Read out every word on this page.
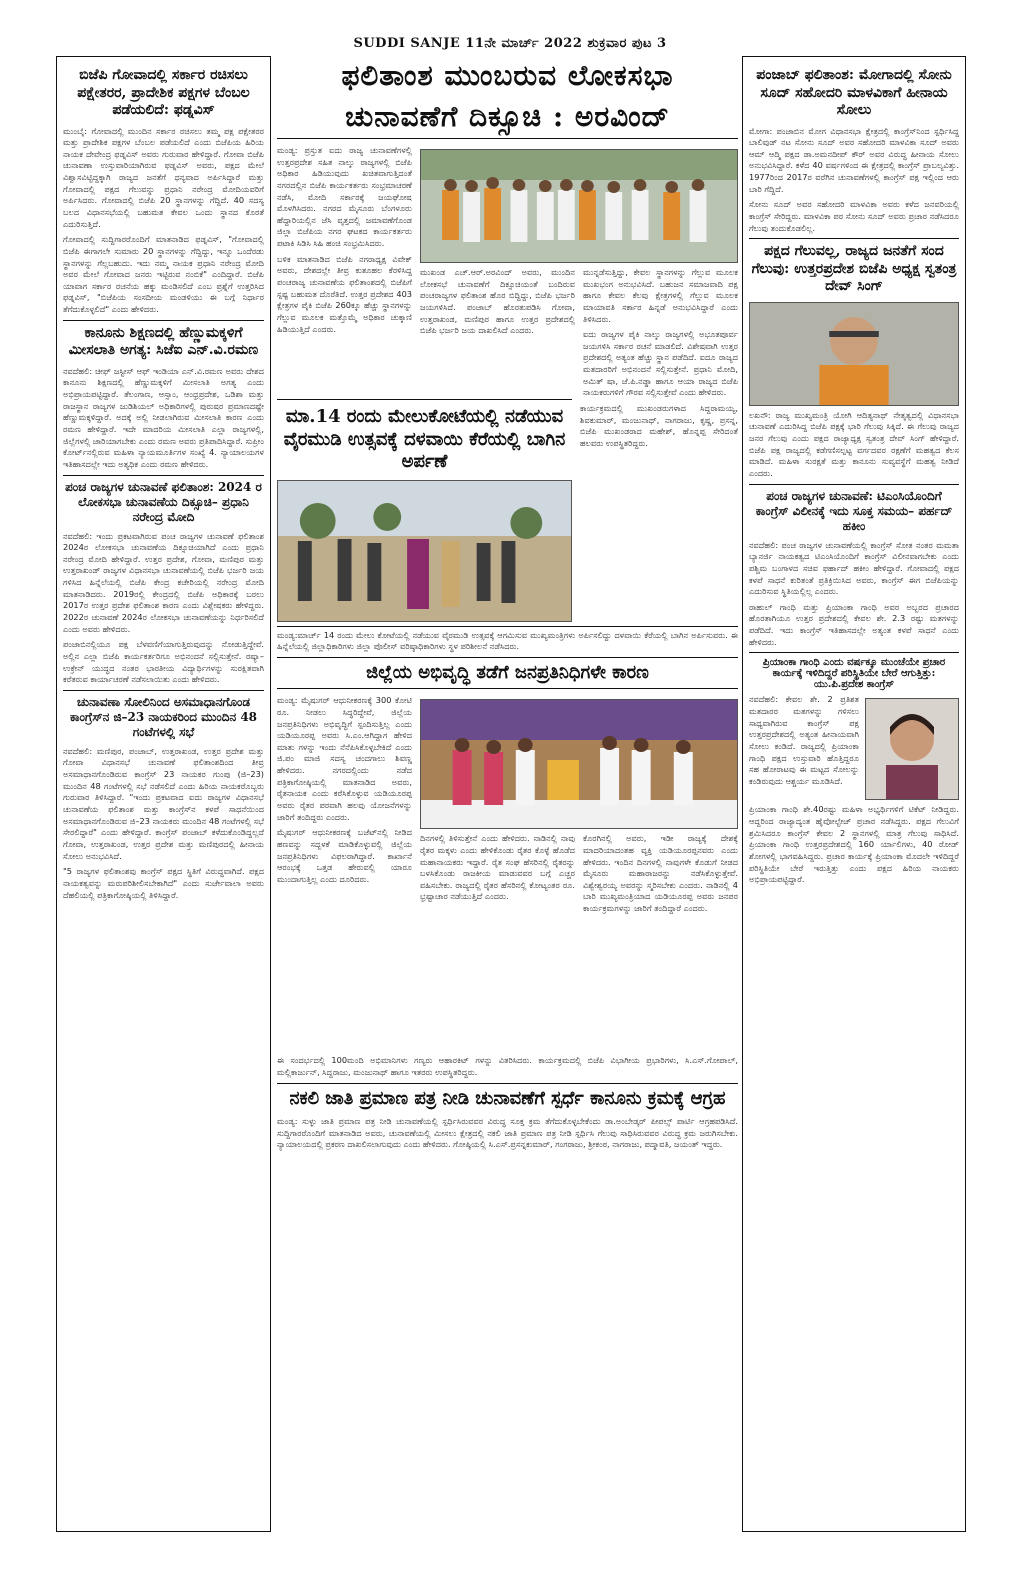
SUDDI SANJE 11ನೇ ಮಾರ್ಚ್ 2022 ಶುಕ್ರವಾರ ಪುಟ 3
ಬಿಜೆಪಿ ಗೋವಾದಲ್ಲಿ ಸರ್ಕಾರ ರಚಿಸಲು ಪಕ್ಷೇತರರ, ಪ್ರಾದೇಶಿಕ ಪಕ್ಷಗಳ ಬೆಂಬಲ ಪಡೆಯಲಿದೆ: ಫಡ್ನವಿಸ್

ಮುಂಬೈ: ಗೋವಾದಲ್ಲಿ ಮುಂದಿನ ಸರ್ಕಾರ ರಚಿಸಲು ತಮ್ಮ ಪಕ್ಷ ಪಕ್ಷೇತರರ ಮತ್ತು ಪ್ರಾದೇಶಿಕ ಪಕ್ಷಗಳ ಬೆಂಬಲ ಪಡೆಯಲಿದೆ ಎಂದು ಬಿಜೆಪಿಯ ಹಿರಿಯ ನಾಯಕ ದೇವೇಂದ್ರ ಫಡ್ನವಿಸ್ ಅವರು ಗುರುವಾರ ಹೇಳಿದ್ದಾರೆ. ಗೋವಾ ಬಿಜೆಪಿ ಚುನಾವಣಾ ಉಸ್ತುವಾರಿಯಾಗಿರುವ ಫಡ್ನವಿಸ್ ಅವರು, ಪಕ್ಷದ ಮೇಲೆ ವಿಶ್ವಾಸವಿಟ್ಟಿದ್ದಕ್ಕಾಗಿ ರಾಜ್ಯದ ಜನತೆಗೆ ಧನ್ಯವಾದ ಅರ್ಪಿಸಿದ್ದಾರೆ ಮತ್ತು ಗೋವಾದಲ್ಲಿ ಪಕ್ಷದ ಗೆಲುವನ್ನು ಪ್ರಧಾನಿ ನರೇಂದ್ರ ಮೋದಿಯವರಿಗೆ ಅರ್ಪಿಸಿದರು. ಗೋವಾದಲ್ಲಿ ಬಿಜೆಪಿ 20 ಸ್ಥಾನಗಳನ್ನು ಗೆದ್ದಿದೆ. 40 ಸದಸ್ಯ ಬಲದ ವಿಧಾನಸಭೆಯಲ್ಲಿ ಬಹುಮತ ಕೇವಲ ಒಂದು ಸ್ಥಾನದ ಕೊರತೆ ಎದುರಿಸುತ್ತಿದೆ.

ಗೋವಾದಲ್ಲಿ ಸುದ್ದಿಗಾರರೊಂದಿಗೆ ಮಾತನಾಡಿದ ಫಡ್ನವಿಸ್, "ಗೋವಾದಲ್ಲಿ ಬಿಜೆಪಿ ಈಗಾಗಲೇ ಸುಮಾರು 20 ಸ್ಥಾನಗಳನ್ನು ಗೆದ್ದಿದ್ದು, ಇನ್ನೂ ಒಂದೆರಡು ಸ್ಥಾನಗಳನ್ನು ಗೆಲ್ಲಬಹುದು. ಇದು ನಮ್ಮ ನಾಯಕ ಪ್ರಧಾನಿ ನರೇಂದ್ರ ಮೋದಿ ಅವರ ಮೇಲೆ ಗೋವಾದ ಜನರು ಇಟ್ಟಿರುವ ನಂಬಿಕೆ" ಎಂದಿದ್ದಾರೆ. ಬಿಜೆಪಿ ಯಾವಾಗ ಸರ್ಕಾರ ರಚನೆಯ ಹಕ್ಕು ಮಂಡಿಸಲಿದೆ ಎಂಬ ಪ್ರಶ್ನೆಗೆ ಉತ್ತರಿಸಿದ ಫಡ್ನವಿಸ್, "ಬಿಜೆಪಿಯ ಸಂಸದೀಯ ಮಂಡಳಿಯು ಈ ಬಗ್ಗೆ ನಿರ್ಧಾರ ತೆಗೆದುಕೊಳ್ಳಲಿದೆ" ಎಂದು ಹೇಳಿದರು.

ಕಾನೂನು ಶಿಕ್ಷಣದಲ್ಲಿ ಹೆಣ್ಣುಮಕ್ಕಳಿಗೆ ಮೀಸಲಾತಿ ಅಗತ್ಯ: ಸಿಜೆಐ ಎನ್.ವಿ.ರಮಣ

ನವದೆಹಲಿ: ಚೀಫ್ ಜಸ್ಟೀಸ್ ಆಫ್ ಇಂಡಿಯಾ ಎನ್.ವಿ.ರಮಣ ಅವರು ದೇಶದ ಕಾನೂನು ಶಿಕ್ಷಣದಲ್ಲಿ ಹೆಣ್ಣುಮಕ್ಕಳಿಗೆ ಮೀಸಲಾತಿ ಅಗತ್ಯ ಎಂದು ಅಭಿಪ್ರಾಯಪಟ್ಟಿದ್ದಾರೆ. ತೆಲಂಗಾಣ, ಆಸ್ಸಾಂ, ಆಂಧ್ರಪ್ರದೇಶ, ಒಡಿಶಾ ಮತ್ತು ರಾಜಸ್ಥಾನ ರಾಜ್ಯಗಳ ಜುಡಿಶಿಯಲ್ ಅಧಿಕಾರಿಗಳಲ್ಲಿ ಪುರುಷರ ಪ್ರಮಾಣದಷ್ಟೇ ಹೆಣ್ಣುಮಕ್ಕಳಿದ್ದಾರೆ. ಅದಕ್ಕೆ ಅಲ್ಲಿ ನೀಡಲಾಗಿರುವ ಮೀಸಲಾತಿ ಕಾರಣ ಎಂದು ರಮಣ ಹೇಳಿದ್ದಾರೆ. ಇದೇ ಮಾದರಿಯ ಮೀಸಲಾತಿ ಎಲ್ಲಾ ರಾಜ್ಯಗಳಲ್ಲಿ, ಜಿಲ್ಲೆಗಳಲ್ಲಿ ಜಾರಿಯಾಗಬೇಕು ಎಂದು ರಮಣ ಅವರು ಪ್ರತಿಪಾದಿಸಿದ್ದಾರೆ. ಸುಪ್ರೀಂ ಕೋರ್ಟ್‌ನಲ್ಲಿರುವ ಮಹಿಳಾ ನ್ಯಾಯಮೂರ್ತಿಗಳ ಸಂಖ್ಯೆ 4. ನ್ಯಾಯಾಲಯಗಳ ಇತಿಹಾಸದಲ್ಲೇ ಇದು ಅತ್ಯಧಿಕ ಎಂದು ರಮಣ ಹೇಳಿದರು.

ಪಂಚ ರಾಜ್ಯಗಳ ಚುನಾವಣೆ ಫಲಿತಾಂಶ: 2024 ರ ಲೋಕಸಭಾ ಚುನಾವಣೆಯ ದಿಕ್ಸೂಚಿ– ಪ್ರಧಾನಿ ನರೇಂದ್ರ ಮೋದಿ

ನವದೆಹಲಿ: ಇಂದು ಪ್ರಕಟವಾಗಿರುವ ಪಂಚ ರಾಜ್ಯಗಳ ಚುನಾವಣೆ ಫಲಿತಾಂಶ 2024ರ ಲೋಕಸಭಾ ಚುನಾವಣೆಯ ದಿಕ್ಸೂಚಿಯಾಗಿದೆ ಎಂದು ಪ್ರಧಾನಿ ನರೇಂದ್ರ ಮೋದಿ ಹೇಳಿದ್ದಾರೆ. ಉತ್ತರ ಪ್ರದೇಶ, ಗೋವಾ, ಮಣಿಪುರ ಮತ್ತು ಉತ್ತರಾಖಂಡ್ ರಾಜ್ಯಗಳ ವಿಧಾನಸಭಾ ಚುನಾವಣೆಯಲ್ಲಿ ಬಿಜೆಪಿ ಭರ್ಜರಿ ಜಯ ಗಳಿಸಿದ ಹಿನ್ನೆಲೆಯಲ್ಲಿ ಬಿಜೆಪಿ ಕೇಂದ್ರ ಕಚೇರಿಯಲ್ಲಿ ನರೇಂದ್ರ ಮೋದಿ ಮಾತನಾಡಿದರು. 2019ರಲ್ಲಿ ಕೇಂದ್ರದಲ್ಲಿ ಬಿಜೆಪಿ ಅಧಿಕಾರಕ್ಕೆ ಬರಲು 2017ರ ಉತ್ತರ ಪ್ರದೇಶ ಫಲಿತಾಂಶ ಕಾರಣ ಎಂದು ವಿಶ್ಲೇಷಕರು ಹೇಳಿದ್ದರು. 2022ರ ಚುನಾವಣೆ 2024ರ ಲೋಕಸಭಾ ಚುನಾವಣೆಯನ್ನು ನಿರ್ಧರಿಸಲಿದೆ ಎಂದು ಅವರು ಹೇಳಿದರು.

ಪಂಜಾಬಿನಲ್ಲಿಯೂ ಪಕ್ಷ ಬೆಳವಣಿಗೆಯಾಗುತ್ತಿರುವುದನ್ನು ನೋಡುತ್ತಿದ್ದೇವೆ. ಅಲ್ಲಿನ ಎಲ್ಲಾ ಬಿಜೆಪಿ ಕಾರ್ಯಕರ್ತರಿಗೂ ಅಭಿನಂದನೆ ಸಲ್ಲಿಸುತ್ತೇನೆ. ರಷ್ಯಾ–ಉಕ್ರೇನ್ ಯುದ್ಧದ ನಂತರ ಭಾರತೀಯ ವಿದ್ಯಾರ್ಥಿಗಳನ್ನು ಸುರಕ್ಷಿತವಾಗಿ ಕರೆತರುವ ಕಾರ್ಯಾಚರಣೆ ನಡೆಸಲಾಯಿತು ಎಂದು ಹೇಳಿದರು.

ಚುನಾವಣಾ ಸೋಲಿನಿಂದ ಅಸಮಾಧಾನಗೊಂಡ ಕಾಂಗ್ರೆಸ್‌ನ ಜಿ–23 ನಾಯಕರಿಂದ ಮುಂದಿನ 48 ಗಂಟೆಗಳಲ್ಲಿ ಸಭೆ

ನವದೆಹಲಿ: ಮಣಿಪುರ, ಪಂಜಾಬ್, ಉತ್ತರಾಖಂಡ, ಉತ್ತರ ಪ್ರದೇಶ ಮತ್ತು ಗೋವಾ ವಿಧಾನಸಭೆ ಚುನಾವಣೆ ಫಲಿತಾಂಶದಿಂದ ತೀವ್ರ ಅಸಮಾಧಾನಗೊಂಡಿರುವ ಕಾಂಗ್ರೆಸ್ 23 ನಾಯಕರ ಗುಂಪು (ಜಿ–23) ಮುಂದಿನ 48 ಗಂಟೆಗಳಲ್ಲಿ ಸಭೆ ನಡೆಸಲಿದೆ ಎಂದು ಹಿರಿಯ ನಾಯಕರೊಬ್ಬರು ಗುರುವಾರ ತಿಳಿಸಿದ್ದಾರೆ. "ಇಂದು ಪ್ರಕಟವಾದ ಐದು ರಾಜ್ಯಗಳ ವಿಧಾನಸಭೆ ಚುನಾವಣೆಯ ಫಲಿತಾಂಶ ಮತ್ತು ಕಾಂಗ್ರೆಸ್‌ನ ಕಳಪೆ ಸಾಧನೆಯಿಂದ ಅಸಮಾಧಾನಗೊಂಡಿರುವ ಜಿ–23 ನಾಯಕರು ಮುಂದಿನ 48 ಗಂಟೆಗಳಲ್ಲಿ ಸಭೆ ಸೇರಲಿದ್ದಾರೆ" ಎಂದು ಹೇಳಿದ್ದಾರೆ. ಕಾಂಗ್ರೆಸ್ ಪಂಜಾಬ್ ಕಳೆದುಕೊಂಡಿದ್ದಲ್ಲದೆ ಗೋವಾ, ಉತ್ತರಾಖಂಡ, ಉತ್ತರ ಪ್ರದೇಶ ಮತ್ತು ಮಣಿಪುರದಲ್ಲಿ ಹೀನಾಯ ಸೋಲು ಅನುಭವಿಸಿದೆ.

"5 ರಾಜ್ಯಗಳ ಫಲಿತಾಂಶವು ಕಾಂಗ್ರೆಸ್ ಪಕ್ಷದ ಸ್ಥಿತಿಗೆ ವಿರುದ್ಧವಾಗಿದೆ. ಪಕ್ಷದ ನಾಯಕತ್ವವನ್ನು ಮರುಪರಿಶೀಲಿಸಬೇಕಾಗಿದೆ" ಎಂದು ಸುರ್ಜೇವಾಲಾ ಅವರು ದೆಹಲಿಯಲ್ಲಿ ಪತ್ರಿಕಾಗೋಷ್ಠಿಯಲ್ಲಿ ತಿಳಿಸಿದ್ದಾರೆ.

ಫಲಿತಾಂಶ ಮುಂಬರುವ ಲೋಕಸಭಾ
ಚುನಾವಣೆಗೆ ದಿಕ್ಸೂಚಿ : ಅರವಿಂದ್

ಮಂಡ್ಯ: ಪ್ರಸ್ತುತ ಐದು ರಾಜ್ಯ ಚುನಾವಣೆಗಳಲ್ಲಿ ಉತ್ತರಪ್ರದೇಶ ಸಹಿತ ನಾಲ್ಕು ರಾಜ್ಯಗಳಲ್ಲಿ ಬಿಜೆಪಿ ಅಧಿಕಾರ ಹಿಡಿಯುವುದು ಖಚಿತವಾಗುತ್ತಿದಂತೆ ನಗರದಲ್ಲಿನ ಬಿಜೆಪಿ ಕಾರ್ಯಕರ್ತರು ಸಂಭ್ರಮಾಚರಣೆ ನಡೆಸಿ, ಮೋದಿ ಸರ್ಕಾರಕ್ಕೆ ಜಯಘೋಷ ಮೊಳಗಿಸಿದರು. ನಗರದ ಮೈಸೂರು ಬೆಂಗಳೂರು ಹೆದ್ದಾರಿಯಲ್ಲಿನ ಜೆಸಿ ವೃತ್ತದಲ್ಲಿ ಜಮಾವಣೆಗೊಂಡ ಜಿಲ್ಲಾ ಬಿಜೆಪಿಯ ನಗರ ಘಟಕದ ಕಾರ್ಯಕರ್ತರು ಪಟಾಕಿ ಸಿಡಿಸಿ ಸಿಹಿ ಹಂಚಿ ಸಂಭ್ರಮಿಸಿದರು.

ಬಳಿಕ ಮಾತನಾಡಿದ ಬಿಜೆಪಿ ನಗರಾಧ್ಯಕ್ಷ ವಿವೇಕ್ ಅವರು, ದೇಶದಲ್ಲೇ ತೀವ್ರ ಕುತೂಹಲ ಕೆರಳಿಸಿದ್ದ ಪಂಚರಾಜ್ಯ ಚುನಾವಣೆಯ ಫಲಿತಾಂಶದಲ್ಲಿ ಬಿಜೆಪಿಗೆ ಸ್ಪಷ್ಟ ಬಹುಮತ ದೊರೆತಿದೆ. ಉತ್ತರ ಪ್ರದೇಶದ 403 ಕ್ಷೇತ್ರಗಳ ಪೈಕಿ ಬಿಜೆಪಿ 260ಕ್ಕೂ ಹೆಚ್ಚು ಸ್ಥಾನಗಳನ್ನು ಗೆಲ್ಲುವ ಮೂಲಕ ಮತ್ತೊಮ್ಮೆ ಅಧಿಕಾರ ಚುಕ್ಕಾಣಿ ಹಿಡಿಯುತ್ತಿದೆ ಎಂದರು.

ಮುಖಂಡ ಎಚ್.ಆರ್.ಅರವಿಂದ್ ಅವರು, ಮುಂದಿನ ಲೋಕಸಭೆ ಚುನಾವಣೆಗೆ ದಿಕ್ಸೂಚಿಯಂತೆ ಬಂದಿರುವ ಪಂಚರಾಜ್ಯಗಳ ಫಲಿತಾಂಶ ಹೊರ ಬಿದ್ದಿದ್ದು, ಬಿಜೆಪಿ ಭರ್ಜರಿ ಜಯಗಳಿಸಿದೆ. ಪಂಜಾಬ್ ಹೊರತುಪಡಿಸಿ ಗೋವಾ, ಉತ್ತರಾಖಂಡ, ಮಣಿಪುರ ಹಾಗೂ ಉತ್ತರ ಪ್ರದೇಶದಲ್ಲಿ ಬಿಜೆಪಿ ಭರ್ಜರಿ ಜಯ ದಾಖಲಿಸಿದೆ ಎಂದರು.

ಮುನ್ನಡೆಸುತ್ತಿದ್ದು, ಕೇವಲ ಸ್ಥಾನಗಳನ್ನು ಗೆಲ್ಲುವ ಮೂಲಕ ಮುಖಭಂಗ ಅನುಭವಿಸಿದೆ. ಬಹುಜನ ಸಮಾಜವಾದಿ ಪಕ್ಷ ಹಾಗೂ ಕೇವಲ ಕೆಲವು ಕ್ಷೇತ್ರಗಳಲ್ಲಿ ಗೆಲ್ಲುವ ಮೂಲಕ ಮಾಯಾವತಿ ಸರ್ಕಾರ ಹಿನ್ನಡೆ ಅನುಭವಿಸಿದ್ದಾರೆ ಎಂದು ತಿಳಿಸಿದರು.

ಐದು ರಾಜ್ಯಗಳ ಪೈಕಿ ನಾಲ್ಕು ರಾಜ್ಯಗಳಲ್ಲಿ ಅಭೂತಪೂರ್ವ ಜಯಗಳಿಸಿ ಸರ್ಕಾರ ರಚನೆ ಮಾಡಲಿದೆ. ವಿಶೇಷವಾಗಿ ಉತ್ತರ ಪ್ರದೇಶದಲ್ಲಿ ಅತ್ಯಂತ ಹೆಚ್ಚು ಸ್ಥಾನ ಪಡೆದಿದೆ. ಐದೂ ರಾಜ್ಯದ ಮತದಾರರಿಗೆ ಅಭಿನಂದನೆ ಸಲ್ಲಿಸುತ್ತೇನೆ. ಪ್ರಧಾನಿ ಮೋದಿ, ಅಮಿತ್ ಷಾ, ಜೆ.ಪಿ.ನಡ್ಡಾ ಹಾಗೂ ಆಯಾ ರಾಜ್ಯದ ಬಿಜೆಪಿ ನಾಯಕರುಗಳಿಗೆ ಗೌರವ ಸಲ್ಲಿಸುತ್ತೇವೆ ಎಂದು ಹೇಳಿದರು.

ಮಾ.14 ರಂದು ಮೇಲುಕೋಟೆಯಲ್ಲಿ ನಡೆಯುವ ವೈರಮುಡಿ ಉತ್ಸವಕ್ಕೆ ದಳವಾಯಿ ಕೆರೆಯಲ್ಲಿ ಬಾಗಿನ ಅರ್ಪಣೆ

ಕಾರ್ಯಕ್ರಮದಲ್ಲಿ ಮುಖಂಡರುಗಳಾದ ಸಿದ್ದರಾಮಯ್ಯ, ಶಿವಕುಮಾರ್, ಮಂಜುನಾಥ್, ನಾಗರಾಜು, ಕೃಷ್ಣ, ಪ್ರಸನ್ನ, ಬಿಜೆಪಿ ಮುಖಂಡರಾದ ಮಹೇಶ್, ಹೊನ್ನಪ್ಪ ಸೇರಿದಂತೆ ಹಲವರು ಉಪಸ್ಥಿತರಿದ್ದರು.

ಮಂಡ್ಯ:ಮಾರ್ಚ್ 14 ರಂದು ಮೇಲು ಕೋಟೆಯಲ್ಲಿ ನಡೆಯುವ ವೈರಮುಡಿ ಉತ್ಸವಕ್ಕೆ ಆಗಮಿಸುವ ಮುಖ್ಯಮಂತ್ರಿಗಳು ಅರ್ಪಿಸಲಿದ್ದು ದಳವಾಯಿ ಕೆರೆಯಲ್ಲಿ ಬಾಗಿನ ಅರ್ಪಿಸುವರು. ಈ ಹಿನ್ನೆಲೆಯಲ್ಲಿ ಜಿಲ್ಲಾಧಿಕಾರಿಗಳು ಜಿಲ್ಲಾ ಪೊಲೀಸ್ ವರಿಷ್ಠಾಧಿಕಾರಿಗಳು ಸ್ಥಳ ಪರಿಶೀಲನೆ ನಡೆಸಿದರು.

ಜಿಲ್ಲೆಯ ಅಭಿವೃದ್ಧಿ ತಡೆಗೆ ಜನಪ್ರತಿನಿಧಿಗಳೇ ಕಾರಣ

ಮಂಡ್ಯ: ಮೈಷುಗರ್ ಆಧುನೀಕರಣಕ್ಕೆ 300 ಕೋಟಿ ರೂ. ನೀಡಲು ಸಿದ್ಧರಿದ್ದೇವೆ, ಜಿಲ್ಲೆಯ ಜನಪ್ರತಿನಿಧಿಗಳು ಅಭಿವೃದ್ಧಿಗೆ ಸ್ಪಂದಿಸುತ್ತಿಲ್ಲ ಎಂದು ಯಡಿಯೂರಪ್ಪ ಅವರು ಸಿ.ಎಂ.ಆಗಿದ್ದಾಗ ಹೇಳಿದ ಮಾತು ಗಳನ್ನು ಇಂದು ನೆನೆಪಿಸಿಕೊಳ್ಳಬೇಕಿದೆ ಎಂದು ಜಿ.ಪಂ ಮಾಜಿ ಸದಸ್ಯ ಚಂದಗಾಲು ಶಿವಣ್ಣ ಹೇಳಿದರು. ನಗರದಲ್ಲಿಂದು ನಡೆದ ಪತ್ರಿಕಾಗೋಷ್ಠಿಯಲ್ಲಿ ಮಾತನಾಡಿದ ಅವರು, ರೈತನಾಯಕ ಎಂದು ಕರೆಸಿಕೊಳ್ಳುವ ಯಡಿಯೂರಪ್ಪ ಅವರು ರೈತರ ಪರವಾಗಿ ಹಲವು ಯೋಜನೆಗಳನ್ನು ಜಾರಿಗೆ ತಂದಿದ್ದರು ಎಂದರು.

ಮೈಷುಗರ್ ಆಧುನೀಕರಣಕ್ಕೆ ಬಜೆಟ್‌ನಲ್ಲಿ ನೀಡಿದ ಹಣವನ್ನು ಸದ್ಬಳಕೆ ಮಾಡಿಕೊಳ್ಳುವಲ್ಲಿ ಜಿಲ್ಲೆಯ ಜನಪ್ರತಿನಿಧಿಗಳು ವಿಫಲರಾಗಿದ್ದಾರೆ. ಕಾರ್ಖಾನೆ ಆರಂಭಕ್ಕೆ ಒತ್ತಡ ಹೇರುವಲ್ಲಿ ಯಾರೂ ಮುಂದಾಗುತ್ತಿಲ್ಲ ಎಂದು ದೂರಿದರು.

ದಿನಗಳಲ್ಲಿ ತಿಳಿಸುತ್ತೇನೆ ಎಂದು ಹೇಳಿದರು. ನಾಡಿನಲ್ಲಿ ನಾವು ರೈತರ ಮಕ್ಕಳು ಎಂದು ಹೇಳಿಕೊಂಡು ರೈತರ ಕೊಳ್ಳೆ ಹೊಡೆದ ಮಹಾನಾಯಕರು ಇದ್ದಾರೆ. ರೈತ ಸಂಘ ಹೆಸರಿನಲ್ಲಿ ರೈತರನ್ನು ಬಳಸಿಕೊಂಡು ರಾಜಕೀಯ ಮಾಡುವವರ ಬಗ್ಗೆ ಎಚ್ಚರ ವಹಿಸಬೇಕು. ರಾಜ್ಯದಲ್ಲಿ ರೈತರ ಹೆಸರಿನಲ್ಲಿ ಕೋಟ್ಯಂತರ ರೂ. ಭ್ರಷ್ಟಾಚಾರ ನಡೆಯುತ್ತಿದೆ ಎಂದರು.

ಕೊರಗಿನಲ್ಲಿ ಅವರು, ಇಡೀ ರಾಜ್ಯಕ್ಕೆ ದೇಶಕ್ಕೆ ಮಾದರಿಯಾದಂತಹ ವ್ಯಕ್ತಿ ಯಡಿಯೂರಪ್ಪನವರು ಎಂದು ಹೇಳಿದರು. ಇಂದಿನ ದಿನಗಳಲ್ಲಿ ನಾವುಗಳೇ ಕೊಡುಗೆ ನೀಡದ ಮೈಸೂರು ಮಹಾರಾಜರನ್ನು ನಡೆಸಿಕೊಳ್ಳುತ್ತೇವೆ. ವಿಶ್ವೇಶ್ವರಯ್ಯ ಅವರನ್ನು ಸ್ಮರಿಸಬೇಕು ಎಂದರು. ನಾಡಿನಲ್ಲಿ 4 ಬಾರಿ ಮುಖ್ಯಮಂತ್ರಿಯಾದ ಯಡಿಯೂರಪ್ಪ ಅವರು ಜನಪರ ಕಾರ್ಯಕ್ರಮಗಳನ್ನು ಜಾರಿಗೆ ತಂದಿದ್ದಾರೆ ಎಂದರು.

ಈ ಸಂದರ್ಭದಲ್ಲಿ 100ಮಂದಿ ಅಭಿಮಾನಿಗಳು ಗಣ್ಯರು ಆಹಾರಕಿಟ್ ಗಳನ್ನು ವಿತರಿಸಿದರು. ಕಾರ್ಯಕ್ರಮದಲ್ಲಿ ಬಿಜೆಪಿ ವಿಭಾಗೀಯ ಪ್ರಭಾರಿಗಳು, ಸಿ.ಎಸ್.ಗೋಪಾಲ್, ಮಲ್ಲಿಕಾರ್ಜುನ್, ಸಿದ್ದರಾಜು, ಮಂಜುನಾಥ್ ಹಾಗೂ ಇತರರು ಉಪಸ್ಥಿತರಿದ್ದರು.

ನಕಲಿ ಜಾತಿ ಪ್ರಮಾಣ ಪತ್ರ ನೀಡಿ ಚುನಾವಣೆಗೆ ಸ್ಪರ್ಧೆ ಕಾನೂನು ಕ್ರಮಕ್ಕೆ ಆಗ್ರಹ

ಮಂಡ್ಯ: ಸುಳ್ಳು ಜಾತಿ ಪ್ರಮಾಣ ಪತ್ರ ನೀಡಿ ಚುನಾವಣೆಯಲ್ಲಿ ಸ್ಪರ್ಧಿಸಿರುವವರ ವಿರುದ್ಧ ಸೂಕ್ತ ಕ್ರಮ ತೆಗೆದುಕೊಳ್ಳಬೇಕೆಂದು ಡಾ.ಅಂಬೇಡ್ಕರ್ ಪೀಪಲ್ಸ್ ಪಾರ್ಟಿ ಆಗ್ರಹಪಡಿಸಿದೆ. ಸುದ್ದಿಗಾರರೊಂದಿಗೆ ಮಾತನಾಡಿದ ಅವರು, ಚುನಾವಣೆಯಲ್ಲಿ ಮೀಸಲು ಕ್ಷೇತ್ರದಲ್ಲಿ ನಕಲಿ ಜಾತಿ ಪ್ರಮಾಣ ಪತ್ರ ನೀಡಿ ಸ್ಪರ್ಧಿಸಿ ಗೆಲುವು ಸಾಧಿಸಿರುವವರ ವಿರುದ್ಧ ಕ್ರಮ ಜರುಗಿಸಬೇಕು. ನ್ಯಾಯಾಲಯದಲ್ಲಿ ಪ್ರಕರಣ ದಾಖಲಿಸಲಾಗುವುದು ಎಂದು ಹೇಳಿದರು. ಗೋಷ್ಠಿಯಲ್ಲಿ ಸಿ.ಎಸ್.ಪ್ರಸನ್ನಕುಮಾರ್, ಗಂಗರಾಜು, ಶ್ರೀಕಂಠ, ನಾಗರಾಜು, ಪದ್ಮಾವತಿ, ಜಯಂತ್ ಇದ್ದರು.

ಪಂಜಾಬ್ ಫಲಿತಾಂಶ: ಮೋಗಾದಲ್ಲಿ ಸೋನು ಸೂದ್ ಸಹೋದರಿ ಮಾಳವಿಕಾಗೆ ಹೀನಾಯ ಸೋಲು

ಮೋಗಾ: ಪಂಜಾಬಿನ ಮೋಗ ವಿಧಾನಸಭಾ ಕ್ಷೇತ್ರದಲ್ಲಿ ಕಾಂಗ್ರೆಸ್‌ನಿಂದ ಸ್ಪರ್ಧಿಸಿದ್ದ ಬಾಲಿವುಡ್ ನಟ ಸೋನು ಸೂದ್ ಅವರ ಸಹೋದರಿ ಮಾಳವಿಕಾ ಸೂದ್ ಅವರು ಆಮ್ ಆದ್ಮಿ ಪಕ್ಷದ ಡಾ.ಅಮನದೀಪ್ ಕೌರ್ ಅವರ ವಿರುದ್ಧ ಹೀನಾಯ ಸೋಲು ಅನುಭವಿಸಿದ್ದಾರೆ. ಕಳೆದ 40 ವರ್ಷಗಳಿಂದ ಈ ಕ್ಷೇತ್ರದಲ್ಲಿ ಕಾಂಗ್ರೆಸ್ ಪ್ರಾಬಲ್ಯವಿತ್ತು. 1977ರಿಂದ 2017ರ ವರೆಗಿನ ಚುನಾವಣೆಗಳಲ್ಲಿ ಕಾಂಗ್ರೆಸ್ ಪಕ್ಷ ಇಲ್ಲಿಂದ ಆರು ಬಾರಿ ಗೆದ್ದಿದೆ.

ಸೋನು ಸೂದ್ ಅವರ ಸಹೋದರಿ ಮಾಳವಿಕಾ ಅವರು ಕಳೆದ ಜನವರಿಯಲ್ಲಿ ಕಾಂಗ್ರೆಸ್ ಸೇರಿದ್ದರು. ಮಾಳವಿಕಾ ಪರ ಸೋನು ಸೂದ್ ಅವರು ಪ್ರಚಾರ ನಡೆಸಿದರೂ ಗೆಲುವು ತಂದುಕೊಡಲಿಲ್ಲ.

ಪಕ್ಷದ ಗೆಲುವಲ್ಲ, ರಾಜ್ಯದ ಜನತೆಗೆ ಸಂದ ಗೆಲುವು: ಉತ್ತರಪ್ರದೇಶ ಬಿಜೆಪಿ ಅಧ್ಯಕ್ಷ ಸ್ವತಂತ್ರ ದೇವ್ ಸಿಂಗ್

ಲಖನೌ: ರಾಜ್ಯ ಮುಖ್ಯಮಂತ್ರಿ ಯೋಗಿ ಆದಿತ್ಯನಾಥ್ ನೇತೃತ್ವದಲ್ಲಿ ವಿಧಾನಸಭಾ ಚುನಾವಣೆ ಎದುರಿಸಿದ್ದ ಬಿಜೆಪಿ ಪಕ್ಷಕ್ಕೆ ಭಾರಿ ಗೆಲುವು ಸಿಕ್ಕಿದೆ. ಈ ಗೆಲುವು ರಾಜ್ಯದ ಜನರ ಗೆಲುವು ಎಂದು ಪಕ್ಷದ ರಾಜ್ಯಾಧ್ಯಕ್ಷ ಸ್ವತಂತ್ರ ದೇವ್ ಸಿಂಗ್ ಹೇಳಿದ್ದಾರೆ. ಬಿಜೆಪಿ ಪಕ್ಷ ರಾಜ್ಯದಲ್ಲಿ ಕಡೆಗಣಿಸಲ್ಪಟ್ಟ ವರ್ಗದವರ ರಕ್ಷಣೆಗೆ ಮಹತ್ವದ ಕೆಲಸ ಮಾಡಿದೆ. ಮಹಿಳಾ ಸುರಕ್ಷತೆ ಮತ್ತು ಕಾನೂನು ಸುವ್ಯವಸ್ಥೆಗೆ ಮಹತ್ವ ನೀಡಿದೆ ಎಂದರು.

ಪಂಚ ರಾಜ್ಯಗಳ ಚುನಾವಣೆ: ಟಿಎಂಸಿಯೊಂದಿಗೆ ಕಾಂಗ್ರೆಸ್ ವಿಲೀನಕ್ಕೆ ಇದು ಸೂಕ್ತ ಸಮಯ– ಪರ್ಹದ್ ಹಕೀಂ

ನವದೆಹಲಿ: ಪಂಚ ರಾಜ್ಯಗಳ ಚುನಾವಣೆಯಲ್ಲಿ ಕಾಂಗ್ರೆಸ್ ಸೋತ ನಂತರ ಮಮತಾ ಬ್ಯಾನರ್ಜಿ ನಾಯಕತ್ವದ ಟಿಎಂಸಿಯೊಂದಿಗೆ ಕಾಂಗ್ರೆಸ್ ವಿಲೀನವಾಗಬೇಕು ಎಂದು ಪಶ್ಚಿಮ ಬಂಗಾಳದ ಸಚಿವ ಫರ್ಹಾದ್ ಹಕೀಂ ಹೇಳಿದ್ದಾರೆ. ಗೋವಾದಲ್ಲಿ ಪಕ್ಷದ ಕಳಪೆ ಸಾಧನೆ ಕುರಿತಂತೆ ಪ್ರತಿಕ್ರಿಯಿಸಿದ ಅವರು, ಕಾಂಗ್ರೆಸ್ ಈಗ ಬಿಜೆಪಿಯನ್ನು ಎದುರಿಸುವ ಸ್ಥಿತಿಯಲ್ಲಿಲ್ಲ ಎಂದರು.

ರಾಹುಲ್ ಗಾಂಧಿ ಮತ್ತು ಪ್ರಿಯಾಂಕಾ ಗಾಂಧಿ ಅವರ ಅಬ್ಬರದ ಪ್ರಚಾರದ ಹೊರತಾಗಿಯೂ ಉತ್ತರ ಪ್ರದೇಶದಲ್ಲಿ ಕೇವಲ ಶೇ. 2.3 ರಷ್ಟು ಮತಗಳನ್ನು ಪಡೆದಿದೆ. ಇದು ಕಾಂಗ್ರೆಸ್ ಇತಿಹಾಸದಲ್ಲೇ ಅತ್ಯಂತ ಕಳಪೆ ಸಾಧನೆ ಎಂದು ಹೇಳಿದರು.

ಪ್ರಿಯಾಂಕಾ ಗಾಂಧಿ ಎಂದು ವರ್ಷಕ್ಕೂ ಮುಂಚೆಯೇ ಪ್ರಚಾರ ಕಾರ್ಯಕ್ಕೆ ಇಳಿದಿದ್ದರೆ ಪರಿಸ್ಥಿತಿಯೇ ಬೇರೆ ಆಗುತ್ತಿತ್ತು: ಯು.ಪಿ.ಪ್ರದೇಶ ಕಾಂಗ್ರೆಸ್

ನವದೆಹಲಿ: ಕೇವಲ ಶೇ. 2 ಪ್ರತಿಶತ ಮತದಾರರ ಮತಗಳನ್ನು ಗಳಿಸಲು ಸಾಧ್ಯವಾಗಿರುವ ಕಾಂಗ್ರೆಸ್ ಪಕ್ಷ ಉತ್ತರಪ್ರದೇಶದಲ್ಲಿ ಅತ್ಯಂತ ಹೀನಾಯವಾಗಿ ಸೋಲು ಕಂಡಿದೆ. ರಾಜ್ಯದಲ್ಲಿ ಪ್ರಿಯಾಂಕಾ ಗಾಂಧಿ ಪಕ್ಷದ ಉಸ್ತುವಾರಿ ಹೊತ್ತಿದ್ದರೂ ಸಹ ಹೋರಾಟವು ಈ ಮಟ್ಟದ ಸೋಲನ್ನು ಕಂಡಿರುವುದು ಆಶ್ಚರ್ಯ ಮೂಡಿಸಿದೆ.

ಪ್ರಿಯಾಂಕಾ ಗಾಂಧಿ ಶೇ.40ರಷ್ಟು ಮಹಿಳಾ ಅಭ್ಯರ್ಥಿಗಳಿಗೆ ಟಿಕೆಟ್ ನೀಡಿದ್ದರು. ಆದ್ದರಿಂದ ರಾಜ್ಯಾದ್ಯಂತ ಹೈವೋಲ್ಟೇಜ್ ಪ್ರಚಾರ ನಡೆಸಿದ್ದರು. ಪಕ್ಷದ ಗೆಲುವಿಗೆ ಶ್ರಮಿಸಿದರೂ ಕಾಂಗ್ರೆಸ್ ಕೇವಲ 2 ಸ್ಥಾನಗಳಲ್ಲಿ ಮಾತ್ರ ಗೆಲುವು ಸಾಧಿಸಿದೆ. ಪ್ರಿಯಾಂಕಾ ಗಾಂಧಿ ಉತ್ತರಪ್ರದೇಶದಲ್ಲಿ 160 ರ್ಯಾಲಿಗಳು, 40 ರೋಡ್ ಶೋಗಳಲ್ಲಿ ಭಾಗವಹಿಸಿದ್ದರು. ಪ್ರಚಾರ ಕಾರ್ಯಕ್ಕೆ ಪ್ರಿಯಾಂಕಾ ಮೊದಲೇ ಇಳಿದಿದ್ದರೆ ಪರಿಸ್ಥಿತಿಯೇ ಬೇರೆ ಇರುತ್ತಿತ್ತು ಎಂದು ಪಕ್ಷದ ಹಿರಿಯ ನಾಯಕರು ಅಭಿಪ್ರಾಯಪಟ್ಟಿದ್ದಾರೆ.
